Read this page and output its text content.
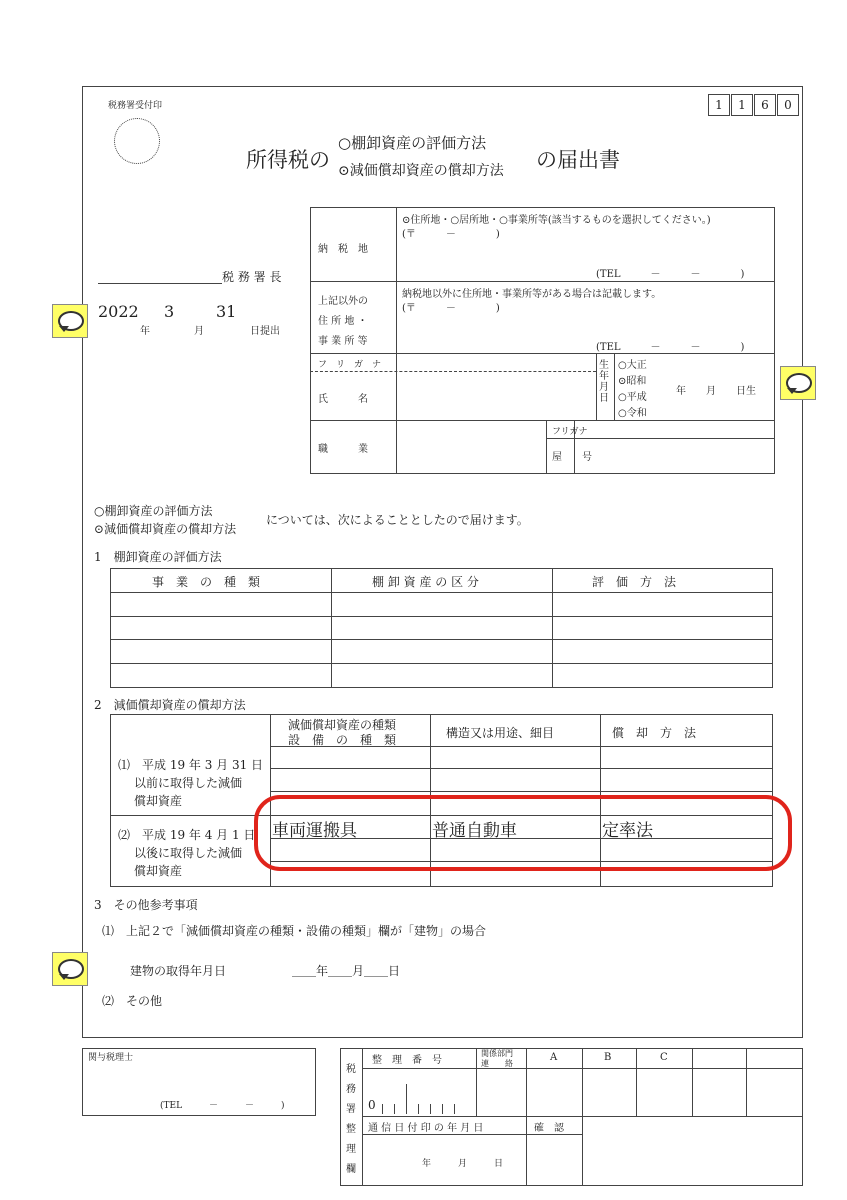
税務署受付印	1	1	6	0
所得税の
○棚卸資産の評価方法
⊙減価償却資産の償却方法 の届出書
税 務 署 長
2022
年
3
月
31
日提出
納　税　地
⊙住所地・○居所地・○事業所等(該当するものを選択してください。)
(〒　　　－　　　　)
(TEL　　　－　　　－　　　　)
上記以外の
住 所 地 ・
事 業 所 等
納税地以外に住所地・事業所等がある場合は記載します。
(〒　　　－　　　　)
(TEL　　　－　　　－　　　　)
フ　リ　ガ　ナ
氏　　　名
生年月日
○大正
⊙昭和
○平成
○令和
年　　月　　日生
職　　　業
フリガナ
屋　　号
○棚卸資産の評価方法
⊙減価償却資産の償却方法
については、次によることとしたので届けます。
1　棚卸資産の評価方法
事　業　の　種　類	棚 卸 資 産 の 区 分	評　価　方　法
2　減価償却資産の償却方法
減価償却資産の種類
設　備　の　種　類	構造又は用途、細目	償　却　方　法
⑴　平成 19 年 3 月 31 日
以前に取得した減価
償却資産
⑵　平成 19 年 4 月 1 日
以後に取得した減価
償却資産
車両運搬具	普通自動車	定率法
3　その他参考事項
⑴　上記２で「減価償却資産の種類・設備の種類」欄が「建物」の場合
建物の取得年月日	＿＿年＿＿月＿＿日
⑵　その他
関与税理士
(TEL　　　－　　　－　　　)
税
務
署
整
理
欄
整　理　番　号
関係部門
連　　絡
A	B	C
0
通 信 日 付 印 の 年 月 日	確　認
年　　　月　　　日
